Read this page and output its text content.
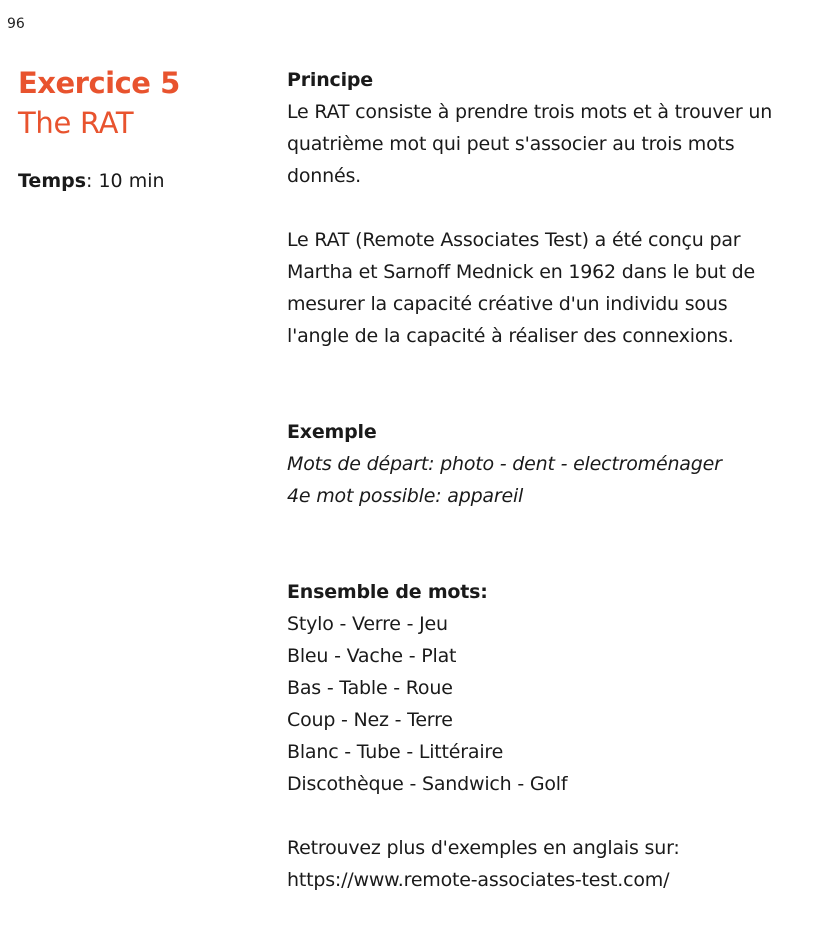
96
Exercice 5
The RAT
Temps: 10 min

Principe

Le RAT consiste à prendre trois mots et à trouver un quatrième mot qui peut s'associer au trois mots donnés.

Le RAT (Remote Associates Test) a été conçu par Martha et Sarnoff Mednick en 1962 dans le but de mesurer la capacité créative d'un individu sous l'angle de la capacité à réaliser des connexions.

Exemple

Mots de départ: photo - dent - electroménager

4e mot possible: appareil

Ensemble de mots:

Stylo - Verre - Jeu
Bleu - Vache - Plat
Bas - Table - Roue
Coup - Nez - Terre
Blanc - Tube - Littéraire
Discothèque - Sandwich - Golf

Retrouvez plus d'exemples en anglais sur:

https://www.remote-associates-test.com/
